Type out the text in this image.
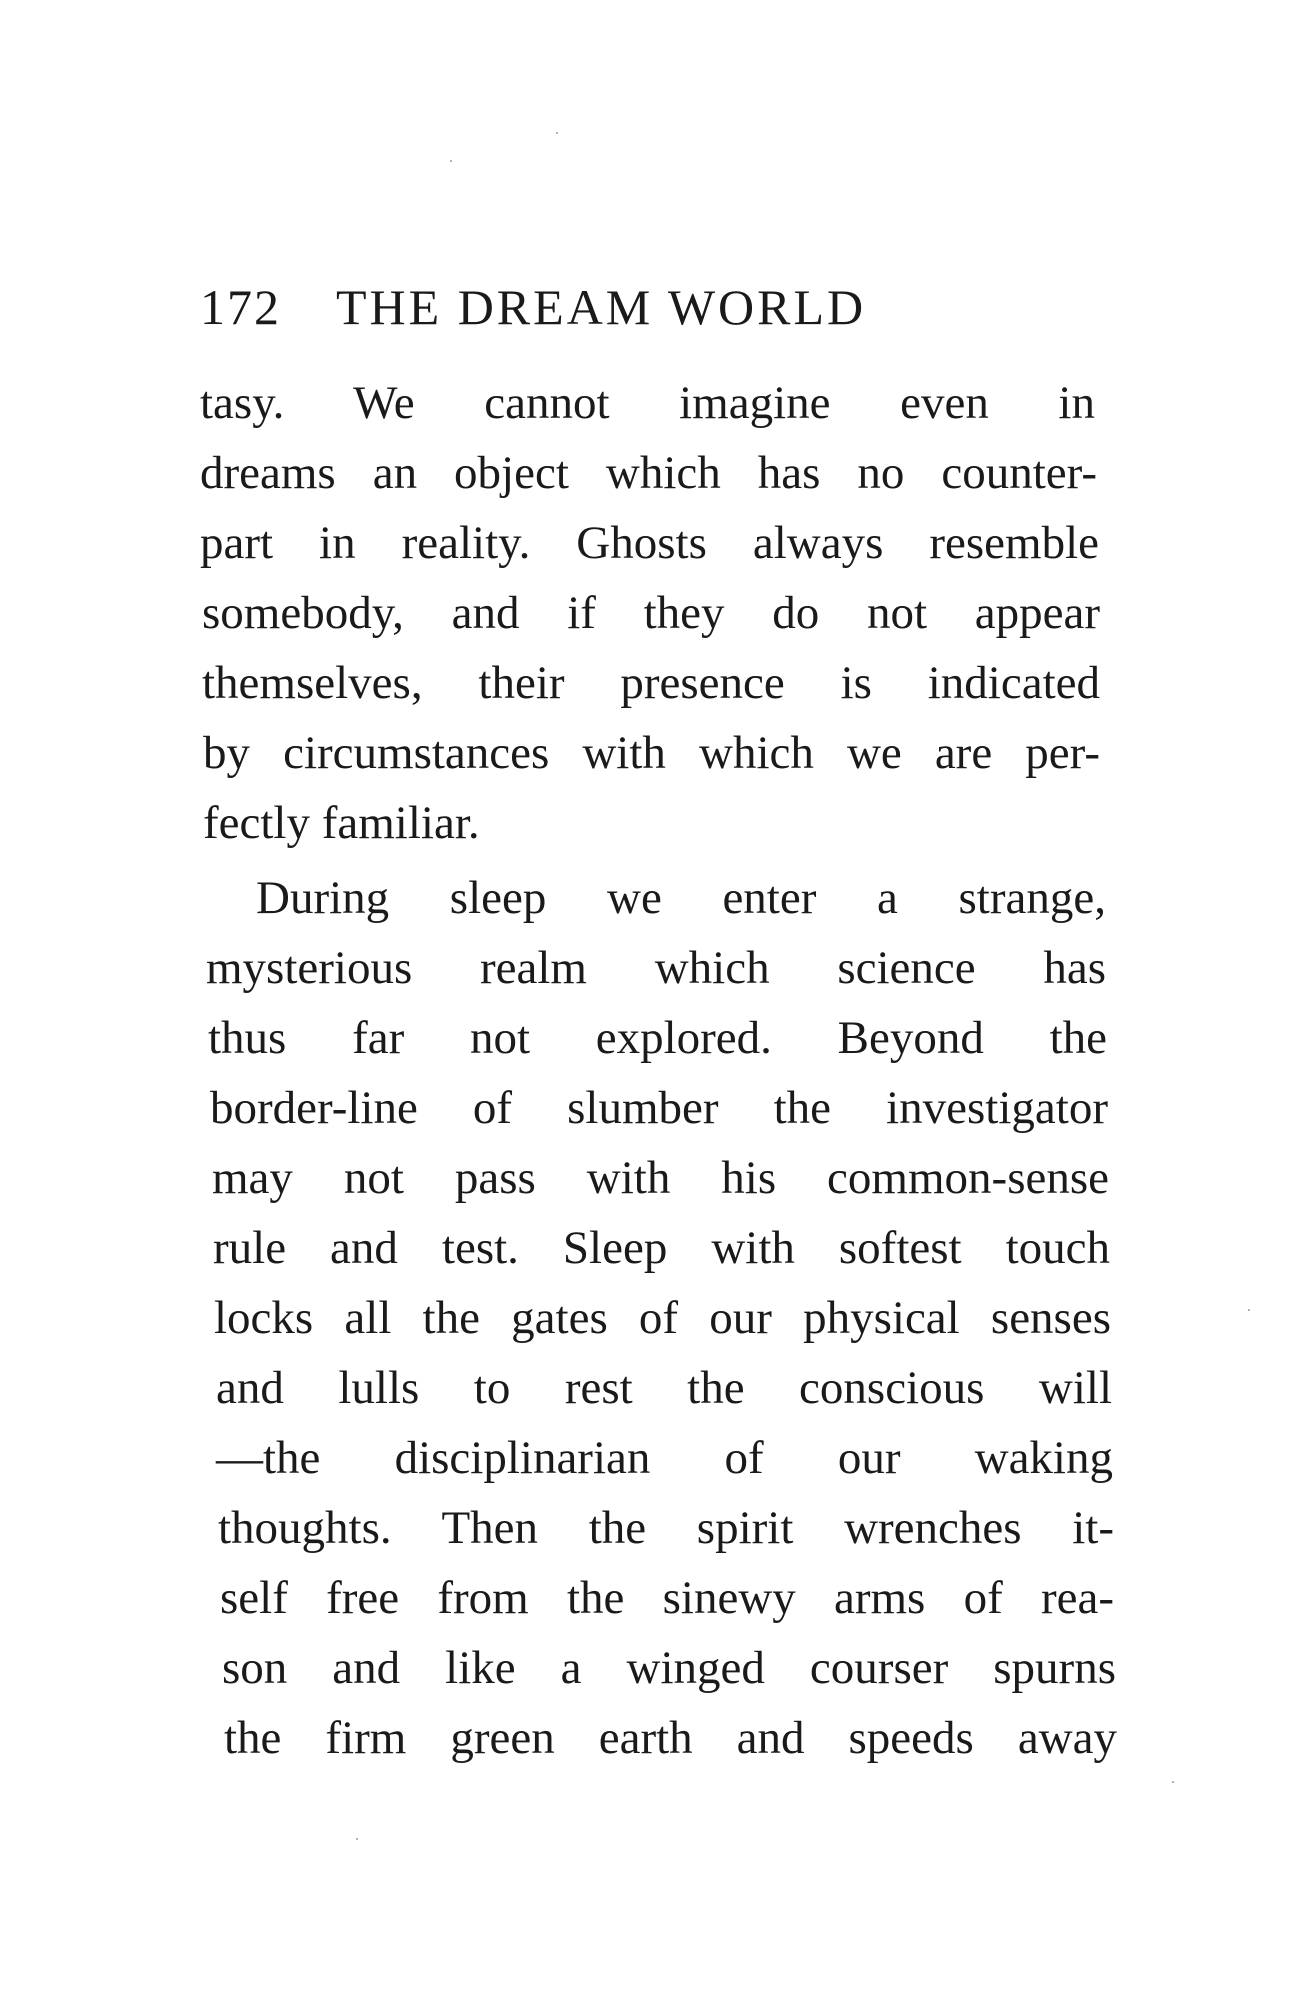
172 THE DREAM WORLD
tasy. We cannot imagine even in
dreams an object which has no counter-
part in reality. Ghosts always resemble
somebody, and if they do not appear
themselves, their presence is indicated
by circumstances with which we are per-
fectly familiar.
During sleep we enter a strange,
mysterious realm which science has
thus far not explored. Beyond the
border-line of slumber the investigator
may not pass with his common-sense
rule and test. Sleep with softest touch
locks all the gates of our physical senses
and lulls to rest the conscious will
—the disciplinarian of our waking
thoughts. Then the spirit wrenches it-
self free from the sinewy arms of rea-
son and like a winged courser spurns
the firm green earth and speeds away
